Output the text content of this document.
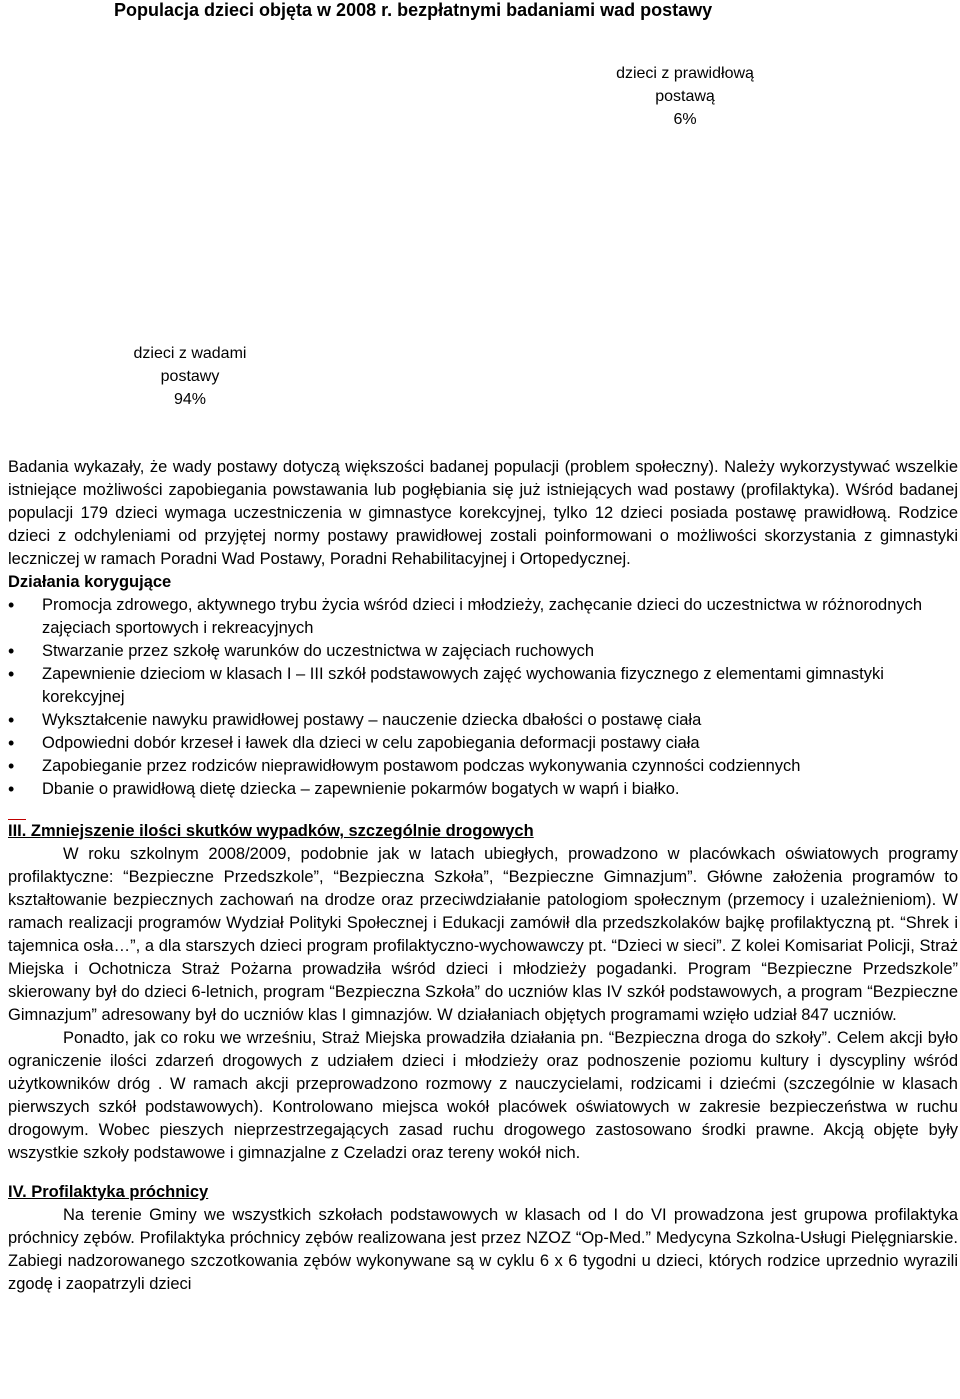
Populacja dzieci objęta w 2008 r. bezpłatnymi badaniami wad postawy
dzieci z prawidłową
postawą
6%
dzieci z wadami
postawy
94%

Badania wykazały, że wady postawy dotyczą większości badanej populacji (problem społeczny). Należy wykorzystywać wszelkie istniejące możliwości zapobiegania powstawania lub pogłębiania się już istniejących wad postawy (profilaktyka). Wśród badanej populacji 179 dzieci wymaga uczestniczenia w gimnastyce korekcyjnej, tylko 12 dzieci posiada postawę prawidłową. Rodzice dzieci z odchyleniami od przyjętej normy postawy prawidłowej zostali poinformowani o możliwości skorzystania z gimnastyki leczniczej w ramach Poradni Wad Postawy, Poradni Rehabilitacyjnej i Ortopedycznej.

Działania korygujące

• Promocja zdrowego, aktywnego trybu życia wśród dzieci i młodzieży, zachęcanie dzieci do uczestnictwa w różnorodnych zajęciach sportowych i rekreacyjnych
• Stwarzanie przez szkołę warunków do uczestnictwa w zajęciach ruchowych
• Zapewnienie dzieciom w klasach I – III szkół podstawowych zajęć wychowania fizycznego z elementami gimnastyki korekcyjnej
• Wykształcenie nawyku prawidłowej postawy – nauczenie dziecka dbałości o postawę ciała
• Odpowiedni dobór krzeseł i ławek dla dzieci w celu zapobiegania deformacji postawy ciała
• Zapobieganie przez rodziców nieprawidłowym postawom podczas wykonywania czynności codziennych
• Dbanie o prawidłową dietę dziecka – zapewnienie pokarmów bogatych w wapń i białko.

III. Zmniejszenie ilości skutków wypadków, szczególnie drogowych

W roku szkolnym 2008/2009, podobnie jak w latach ubiegłych, prowadzono w placówkach oświatowych programy profilaktyczne: “Bezpieczne Przedszkole”, “Bezpieczna Szkoła”, “Bezpieczne Gimnazjum”. Główne założenia programów to kształtowanie bezpiecznych zachowań na drodze oraz przeciwdziałanie patologiom społecznym (przemocy i uzależnieniom). W ramach realizacji programów Wydział Polityki Społecznej i Edukacji zamówił dla przedszkolaków bajkę profilaktyczną pt. “Shrek i tajemnica osła…”, a dla starszych dzieci program profilaktyczno-wychowawczy pt. “Dzieci w sieci”. Z kolei Komisariat Policji, Straż Miejska i Ochotnicza Straż Pożarna prowadziła wśród dzieci i młodzieży pogadanki. Program “Bezpieczne Przedszkole” skierowany był do dzieci 6-letnich, program “Bezpieczna Szkoła” do uczniów klas IV szkół podstawowych, a program “Bezpieczne Gimnazjum” adresowany był do uczniów klas I gimnazjów. W działaniach objętych programami wzięło udział 847 uczniów.

Ponadto, jak co roku we wrześniu, Straż Miejska prowadziła działania pn. “Bezpieczna droga do szkoły”. Celem akcji było ograniczenie ilości zdarzeń drogowych z udziałem dzieci i młodzieży oraz podnoszenie poziomu kultury i dyscypliny wśród użytkowników dróg . W ramach akcji przeprowadzono rozmowy z nauczycielami, rodzicami i dziećmi (szczególnie w klasach pierwszych szkół podstawowych). Kontrolowano miejsca wokół placówek oświatowych w zakresie bezpieczeństwa w ruchu drogowym. Wobec pieszych nieprzestrzegających zasad ruchu drogowego zastosowano środki prawne. Akcją objęte były wszystkie szkoły podstawowe i gimnazjalne z Czeladzi oraz tereny wokół nich.

IV. Profilaktyka próchnicy

Na terenie Gminy we wszystkich szkołach podstawowych w klasach od I do VI prowadzona jest grupowa profilaktyka próchnicy zębów. Profilaktyka próchnicy zębów realizowana jest przez NZOZ “Op-Med.” Medycyna Szkolna-Usługi Pielęgniarskie. Zabiegi nadzorowanego szczotkowania zębów wykonywane są w cyklu 6 x 6 tygodni u dzieci, których rodzice uprzednio wyrazili zgodę i zaopatrzyli dzieci
